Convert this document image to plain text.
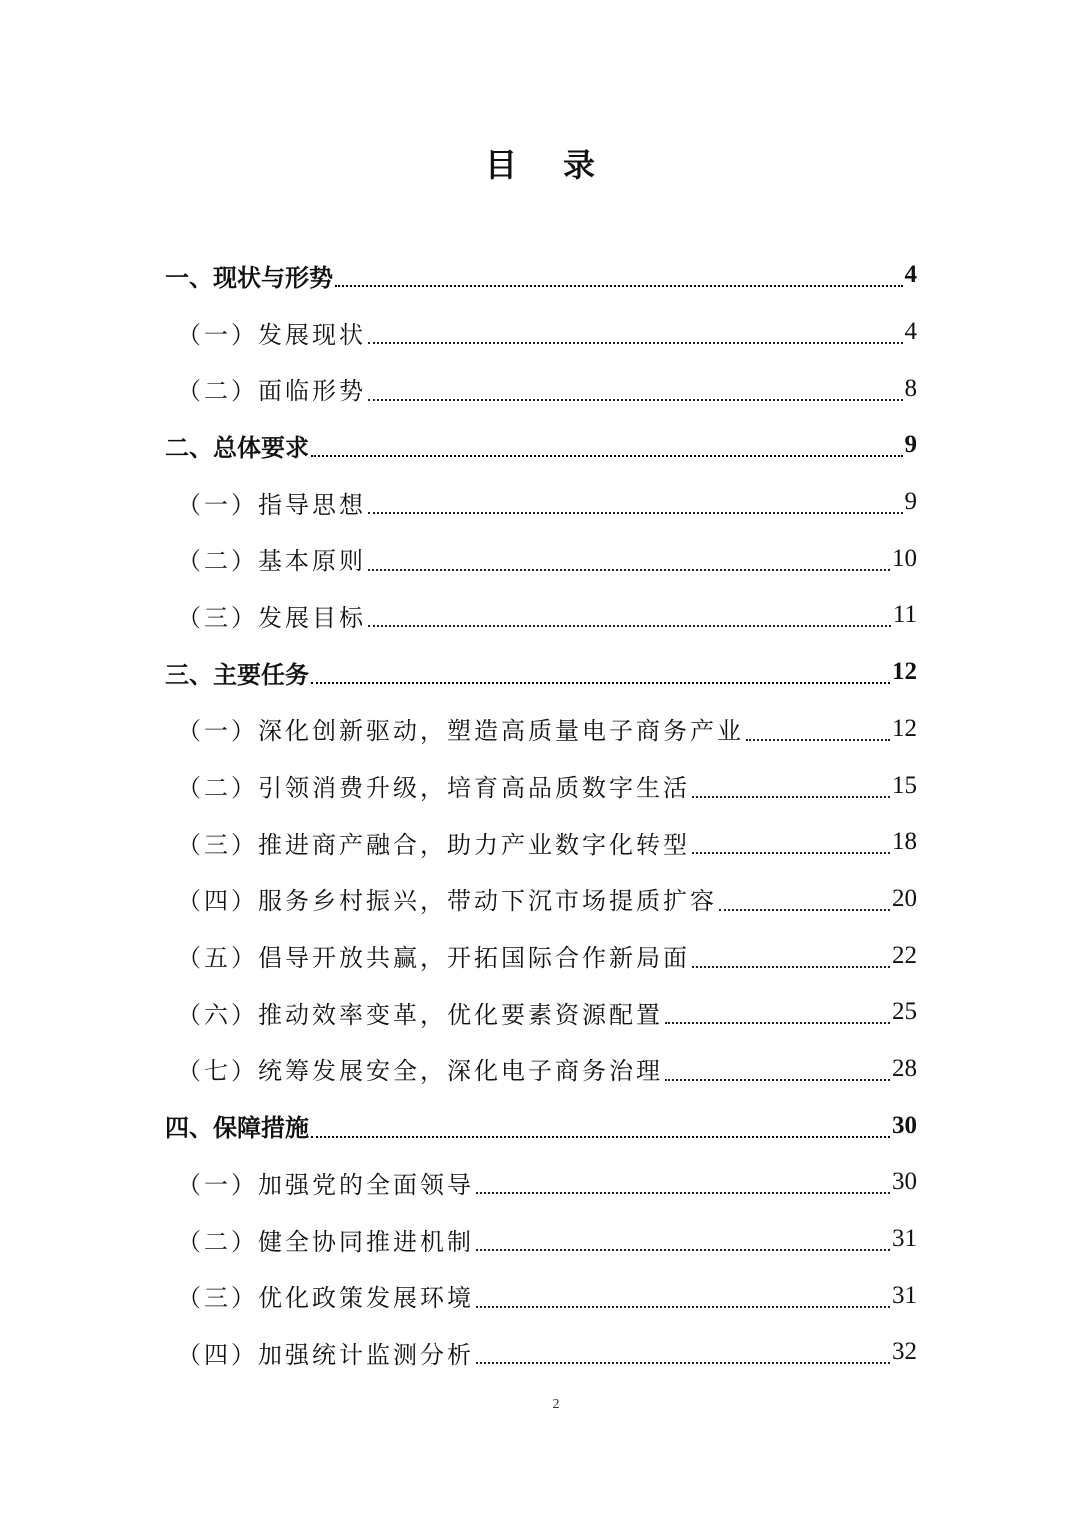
目 录
一、现状与形势	4
（一）发展现状	4
（二）面临形势	8
二、总体要求	9
（一）指导思想	9
（二）基本原则	10
（三）发展目标	11
三、主要任务	12
（一）深化创新驱动，塑造高质量电子商务产业	12
（二）引领消费升级，培育高品质数字生活	15
（三）推进商产融合，助力产业数字化转型	18
（四）服务乡村振兴，带动下沉市场提质扩容	20
（五）倡导开放共赢，开拓国际合作新局面	22
（六）推动效率变革，优化要素资源配置	25
（七）统筹发展安全，深化电子商务治理	28
四、保障措施	30
（一）加强党的全面领导	30
（二）健全协同推进机制	31
（三）优化政策发展环境	31
（四）加强统计监测分析	32
2
